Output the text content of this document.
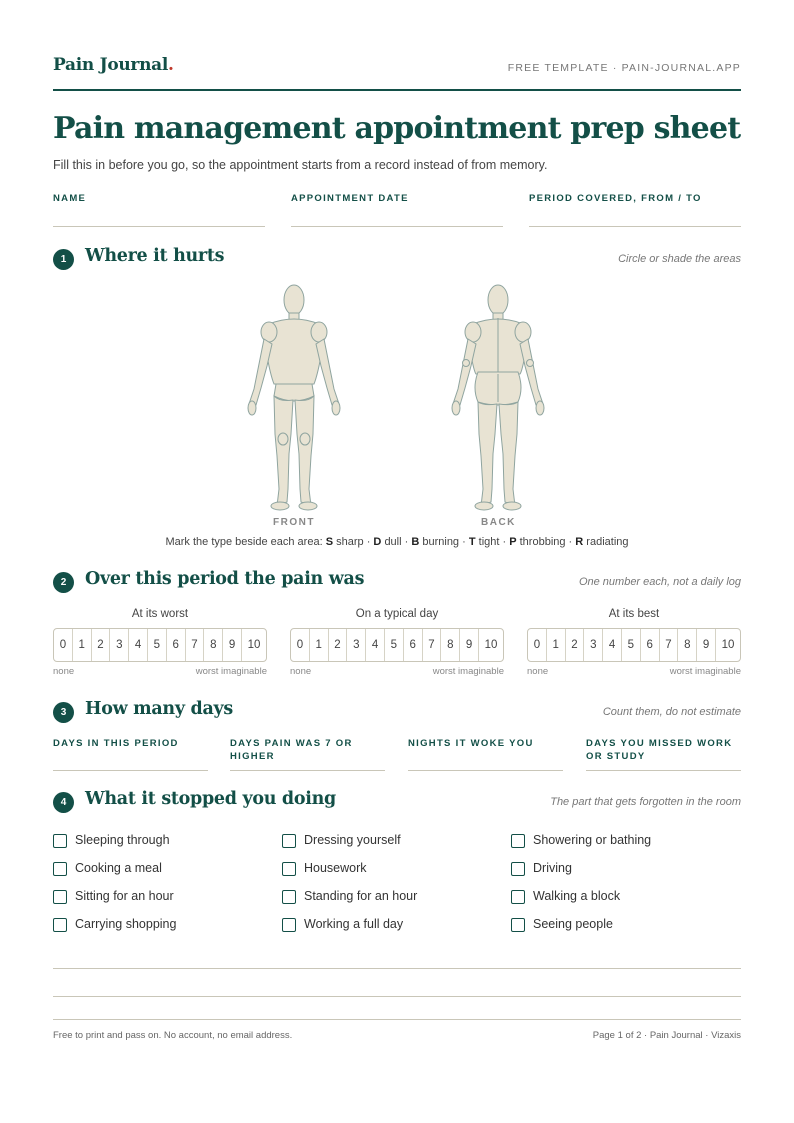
Pain Journal.	FREE TEMPLATE · PAIN-JOURNAL.APP
Pain management appointment prep sheet
Fill this in before you go, so the appointment starts from a record instead of from memory.
NAME	APPOINTMENT DATE	PERIOD COVERED, FROM / TO
1	Where it hurts	Circle or shade the areas
FRONT	BACK
Mark the type beside each area: S sharp · D dull · B burning · T tight · P throbbing · R radiating
2	Over this period the pain was	One number each, not a daily log
At its worst
0	1	2	3	4	5	6	7	8	9	10
none	worst imaginable
On a typical day
0	1	2	3	4	5	6	7	8	9	10
none	worst imaginable
At its best
0	1	2	3	4	5	6	7	8	9	10
none	worst imaginable
3	How many days	Count them, do not estimate
DAYS IN THIS PERIOD	DAYS PAIN WAS 7 OR HIGHER
NIGHTS IT WOKE YOU	DAYS YOU MISSED WORK OR STUDY
4	What it stopped you doing	The part that gets forgotten in the room
Sleeping through	Dressing yourself	Showering or bathing
Cooking a meal	Housework	Driving
Sitting for an hour	Standing for an hour	Walking a block
Carrying shopping	Working a full day	Seeing people
Free to print and pass on. No account, no email address.	Page 1 of 2 · Pain Journal · Vizaxis
